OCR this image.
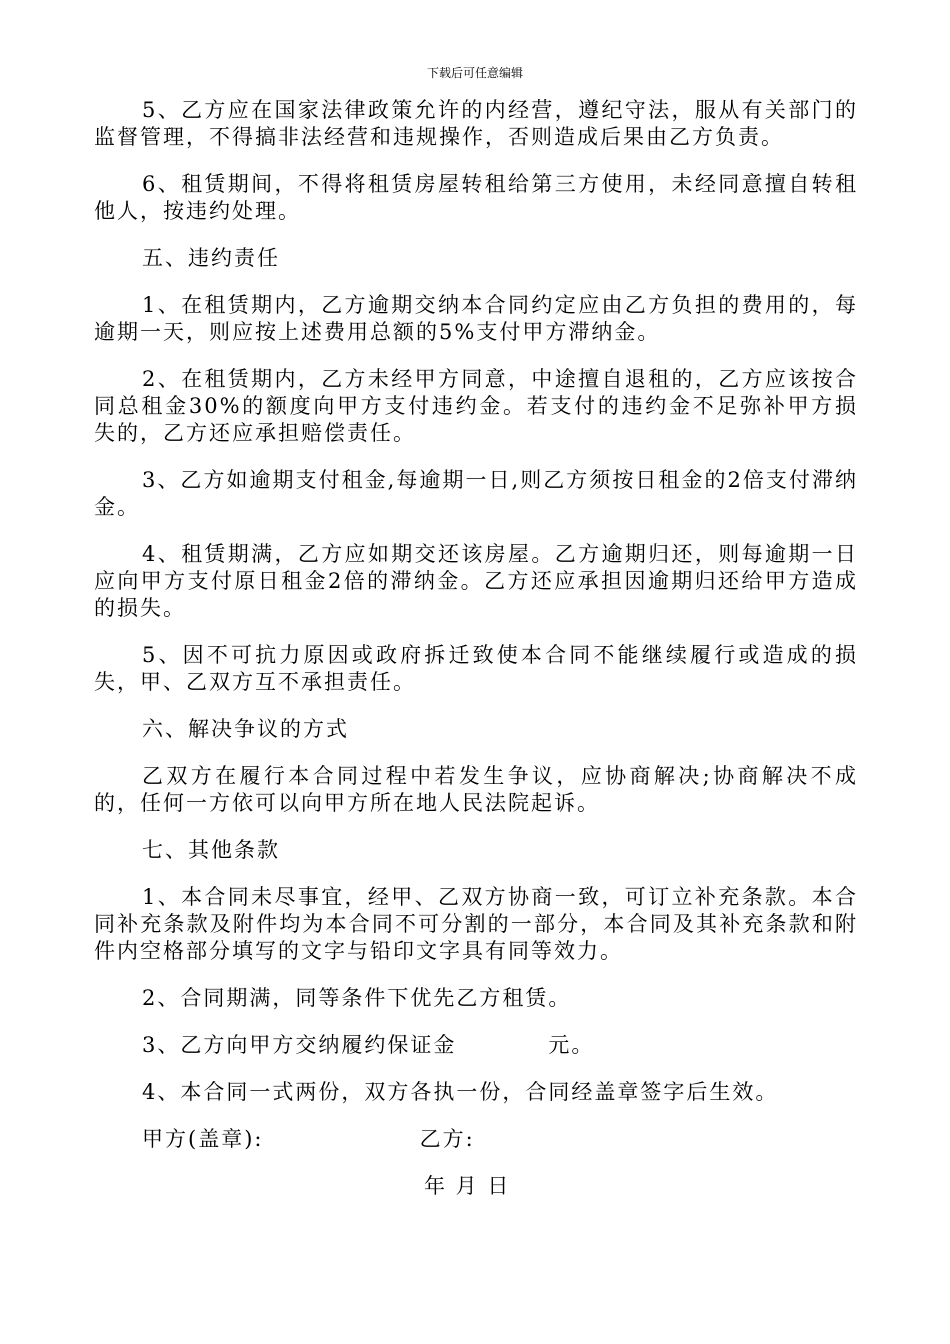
下载后可任意编辑

5、乙方应在国家法律政策允许的内经营，遵纪守法，服从有关部门的监督管理，不得搞非法经营和违规操作，否则造成后果由乙方负责。

6、租赁期间，不得将租赁房屋转租给第三方使用，未经同意擅自转租他人，按违约处理。

五、违约责任

1、在租赁期内，乙方逾期交纳本合同约定应由乙方负担的费用的，每逾期一天，则应按上述费用总额的5%支付甲方滞纳金。

2、在租赁期内，乙方未经甲方同意，中途擅自退租的，乙方应该按合同总租金30%的额度向甲方支付违约金。若支付的违约金不足弥补甲方损失的，乙方还应承担赔偿责任。

3、乙方如逾期支付租金,每逾期一日,则乙方须按日租金的2倍支付滞纳金。

4、租赁期满，乙方应如期交还该房屋。乙方逾期归还，则每逾期一日应向甲方支付原日租金2倍的滞纳金。乙方还应承担因逾期归还给甲方造成的损失。

5、因不可抗力原因或政府拆迁致使本合同不能继续履行或造成的损失，甲、乙双方互不承担责任。

六、解决争议的方式

乙双方在履行本合同过程中若发生争议，应协商解决;协商解决不成的，任何一方依可以向甲方所在地人民法院起诉。

七、其他条款

1、本合同未尽事宜，经甲、乙双方协商一致，可订立补充条款。本合同补充条款及附件均为本合同不可分割的一部分，本合同及其补充条款和附件内空格部分填写的文字与铅印文字具有同等效力。

2、合同期满，同等条件下优先乙方租赁。

3、乙方向甲方交纳履约保证金　　　　元。

4、本合同一式两份，双方各执一份，合同经盖章签字后生效。

甲方(盖章):	乙方:

年 月 日
